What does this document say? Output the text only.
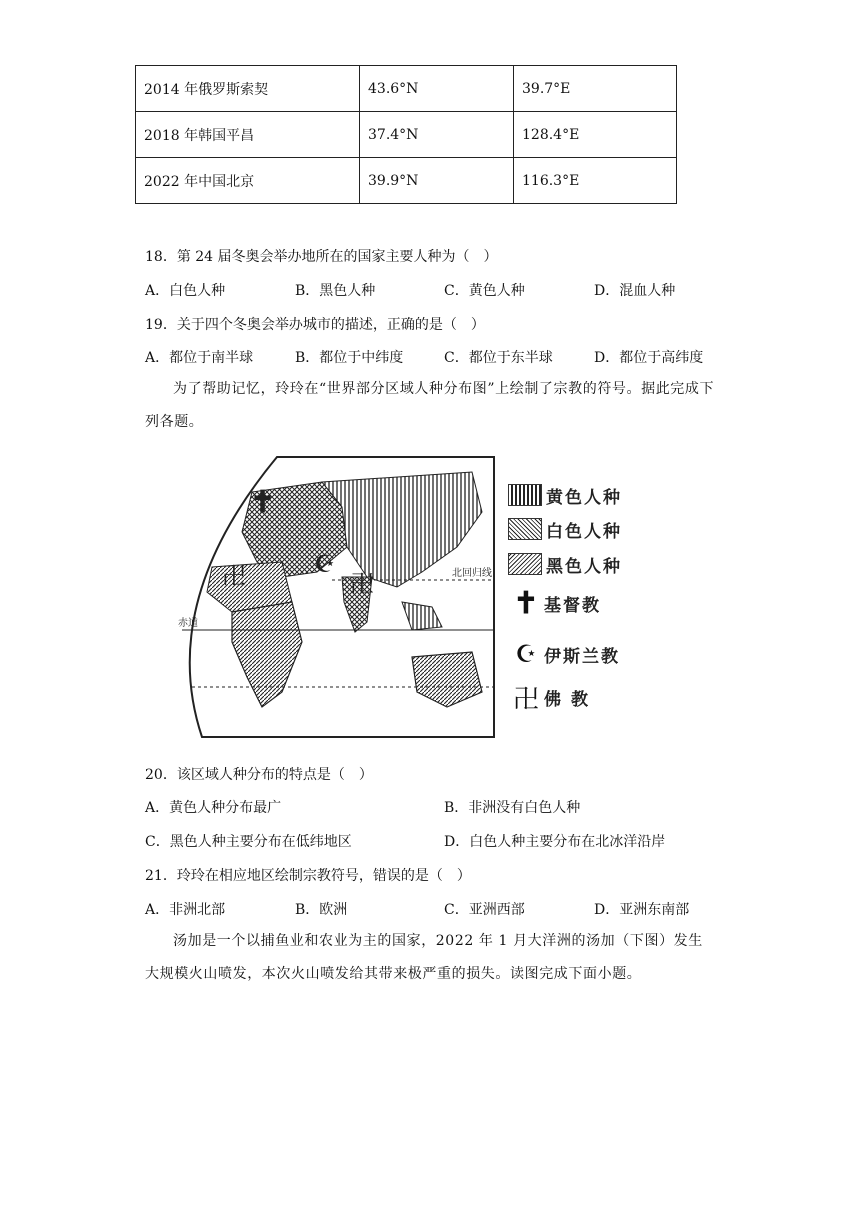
2014 年俄罗斯索契	43.6°N	39.7°E
2018 年韩国平昌	37.4°N	128.4°E
2022 年中国北京	39.9°N	116.3°E
18．第 24 届冬奥会举办地所在的国家主要人种为（　）
A．白色人种	B．黑色人种	C．黄色人种	D．混血人种
19．关于四个冬奥会举办城市的描述，正确的是（　）
A．都位于南半球	B．都位于中纬度	C．都位于东半球	D．都位于高纬度
为了帮助记忆，玲玲在“世界部分区域人种分布图”上绘制了宗教的符号。据此完成下列各题。
✝
☪
卍	卍	北回归线
赤道
黄色人种
白色人种
黑色人种
✝ 基督教
☪ 伊斯兰教
卍 佛教
20．该区域人种分布的特点是（　）
A．黄色人种分布最广	B．非洲没有白色人种
C．黑色人种主要分布在低纬地区	D．白色人种主要分布在北冰洋沿岸
21．玲玲在相应地区绘制宗教符号，错误的是（　）
A．非洲北部	B．欧洲	C．亚洲西部	D．亚洲东南部
汤加是一个以捕鱼业和农业为主的国家，2022 年 1 月大洋洲的汤加（下图）发生大规模火山喷发，本次火山喷发给其带来极严重的损失。读图完成下面小题。
